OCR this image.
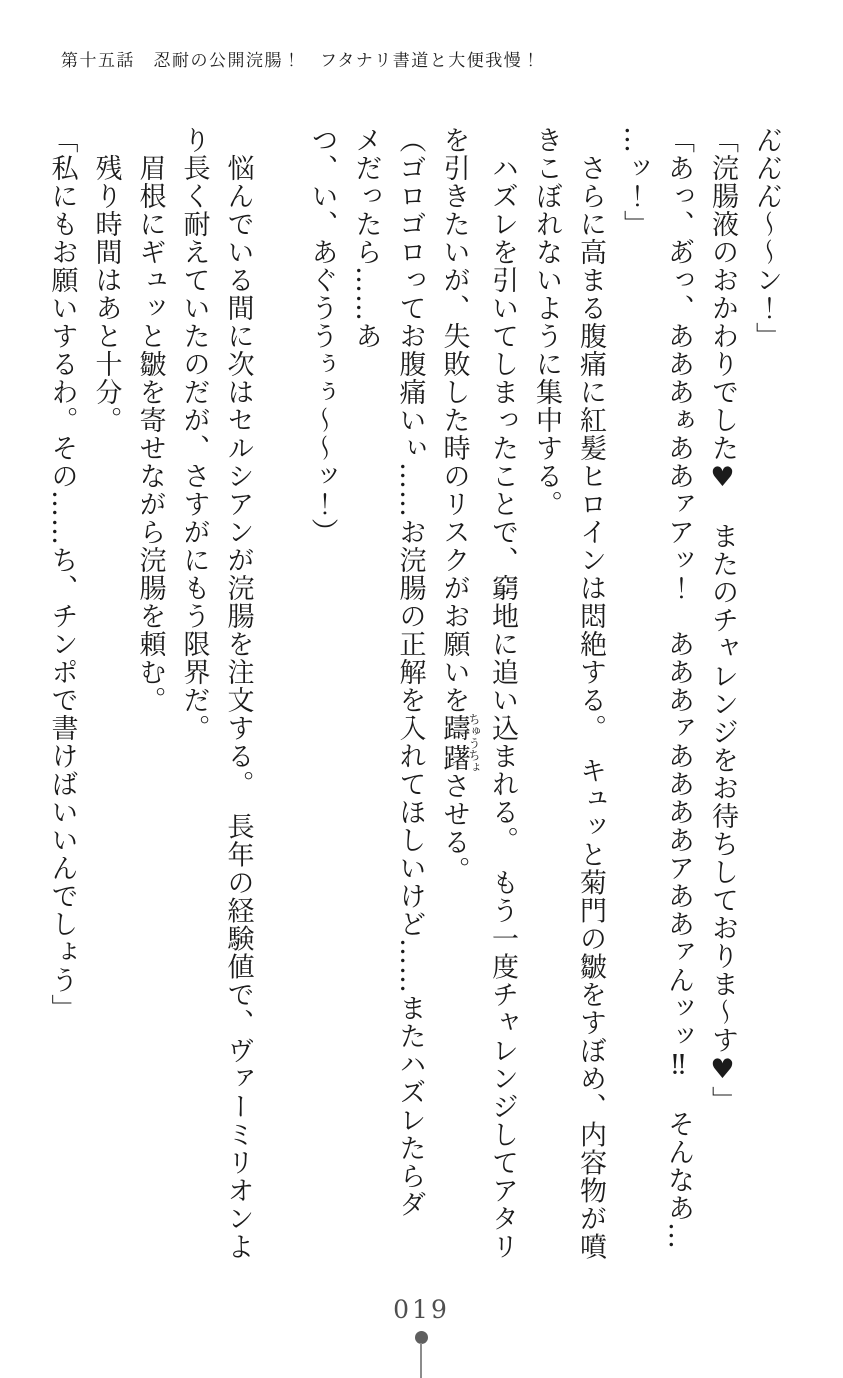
第十五話　忍耐の公開浣腸！　フタナリ書道と大便我慢！

ん゙ん゙ん゙～～ン！」

「浣腸液のおかわりでした♥　またのチャレンジをお待ちしておりま～す♥」

「あっ、あ゙っ、あああぁああァアッ！　あああァああああアああァんッッ‼　そんなあ…

…ッ！」

　さらに高まる腹痛に紅髪ヒロインは悶絶する。　キュッと菊門の皺をすぼめ、内容物が噴

きこぼれないように集中する。

　ハズレを引いてしまったことで、窮地に追い込まれる。　もう一度チャレンジしてアタリ

を引きたいが、失敗した時のリスクがお願いを躊躇ちゅうちょさせる。

（ゴロゴロってお腹痛いぃ……お浣腸の正解を入れてほしいけど……またハズレたらダ

メだったら……あ

つ、い、あぐううぅぅ～～ッ！）

　悩んでいる間に次はセルシアンが浣腸を注文する。　長年の経験値で、ヴァーミリオンよ

り長く耐えていたのだが、さすがにもう限界だ。

　眉根にギュッと皺を寄せながら浣腸を頼む。

　残り時間はあと十分。

「私にもお願いするわ。その……ち、チンポで書けばいいんでしょう」

019
